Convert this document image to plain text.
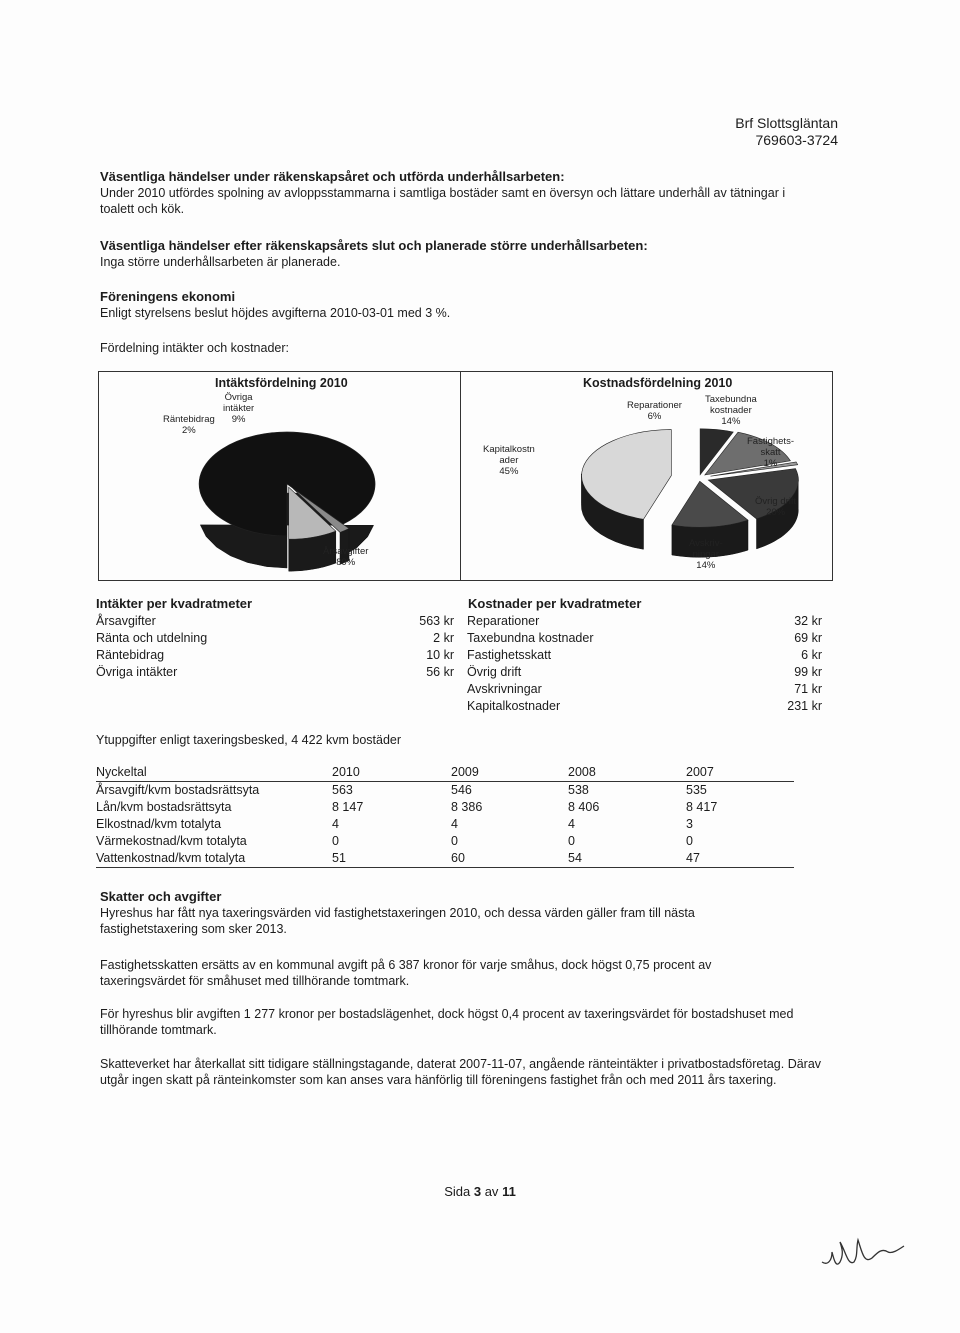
Brf Slottsgläntan
769603-3724
Väsentliga händelser under räkenskapsåret och utförda underhållsarbeten:
Under 2010 utfördes spolning av avloppsstammarna i samtliga bostäder samt en översyn och lättare underhåll av tätningar i toalett och kök.
Väsentliga händelser efter räkenskapsårets slut och planerade större underhållsarbeten:
Inga större underhållsarbeten är planerade.
Föreningens ekonomi
Enligt styrelsens beslut höjdes avgifterna 2010-03-01 med 3 %.
Fördelning intäkter och kostnader:
Intäktsfördelning 2010
Övriga
intäkter
9%
Räntebidrag
2%
Årsavgifter
89%
Kostnadsfördelning 2010
Kapitalkostn
ader
45%
Reparationer
6%
Taxebundna
kostnader
14%
Fastighets-
skatt
1%
Övrig drift
20%
Avskriv-
ningar
14%
Intäkter per kvadratmeter	Kostnader per kvadratmeter
Årsavgifter	563 kr
Ränta och utdelning	2 kr
Räntebidrag	10 kr
Övriga intäkter	56 kr
Reparationer	32 kr
Taxebundna kostnader	69 kr
Fastighetsskatt	6 kr
Övrig drift	99 kr
Avskrivningar	71 kr
Kapitalkostnader	231 kr
Ytuppgifter enligt taxeringsbesked, 4 422 kvm bostäder
Nyckeltal	2010	2009	2008	2007
Årsavgift/kvm bostadsrättsyta	563	546	538	535
Lån/kvm bostadsrättsyta	8 147	8 386	8 406	8 417
Elkostnad/kvm totalyta	4	4	4	3
Värmekostnad/kvm totalyta	0	0	0	0
Vattenkostnad/kvm totalyta	51	60	54	47
Skatter och avgifter
Hyreshus har fått nya taxeringsvärden vid fastighetstaxeringen 2010, och dessa värden gäller fram till nästa fastighetstaxering som sker 2013.
Fastighetsskatten ersätts av en kommunal avgift på 6 387 kronor för varje småhus, dock högst 0,75 procent av taxeringsvärdet för småhuset med tillhörande tomtmark.
För hyreshus blir avgiften 1 277 kronor per bostadslägenhet, dock högst 0,4 procent av taxeringsvärdet för bostadshuset med tillhörande tomtmark.
Skatteverket har återkallat sitt tidigare ställningstagande, daterat 2007-11-07, angående ränteintäkter i privatbostadsföretag. Därav utgår ingen skatt på ränteinkomster som kan anses vara hänförlig till föreningens fastighet från och med 2011 års taxering.
Sida 3 av 11
